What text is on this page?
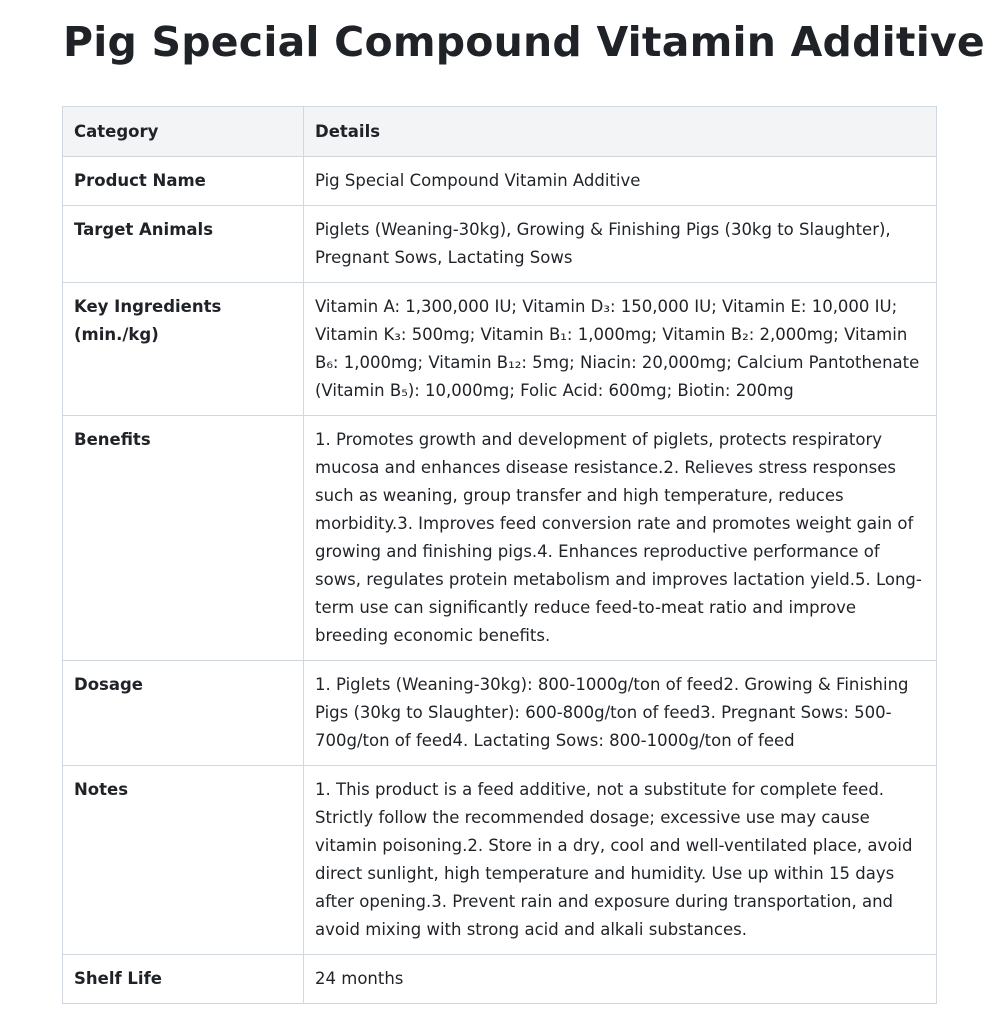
Pig Special Compound Vitamin Additive
Category	Details
Product Name	Pig Special Compound Vitamin Additive
Target Animals	Piglets (Weaning-30kg), Growing & Finishing Pigs (30kg to Slaughter), Pregnant Sows, Lactating Sows
Key Ingredients (min./kg)	Vitamin A: 1,300,000 IU; Vitamin D₃: 150,000 IU; Vitamin E: 10,000 IU; Vitamin K₃: 500mg; Vitamin B₁: 1,000mg; Vitamin B₂: 2,000mg; Vitamin B₆: 1,000mg; Vitamin B₁₂: 5mg; Niacin: 20,000mg; Calcium Pantothenate (Vitamin B₅): 10,000mg; Folic Acid: 600mg; Biotin: 200mg
Benefits	1. Promotes growth and development of piglets, protects respiratory mucosa and enhances disease resistance.2. Relieves stress responses such as weaning, group transfer and high temperature, reduces morbidity.3. Improves feed conversion rate and promotes weight gain of growing and finishing pigs.4. Enhances reproductive performance of sows, regulates protein metabolism and improves lactation yield.5. Long-term use can significantly reduce feed-to-meat ratio and improve breeding economic benefits.
Dosage	1. Piglets (Weaning-30kg): 800-1000g/ton of feed2. Growing & Finishing Pigs (30kg to Slaughter): 600-800g/ton of feed3. Pregnant Sows: 500-700g/ton of feed4. Lactating Sows: 800-1000g/ton of feed
Notes	1. This product is a feed additive, not a substitute for complete feed. Strictly follow the recommended dosage; excessive use may cause vitamin poisoning.2. Store in a dry, cool and well-ventilated place, avoid direct sunlight, high temperature and humidity. Use up within 15 days after opening.3. Prevent rain and exposure during transportation, and avoid mixing with strong acid and alkali substances.
Shelf Life	24 months
